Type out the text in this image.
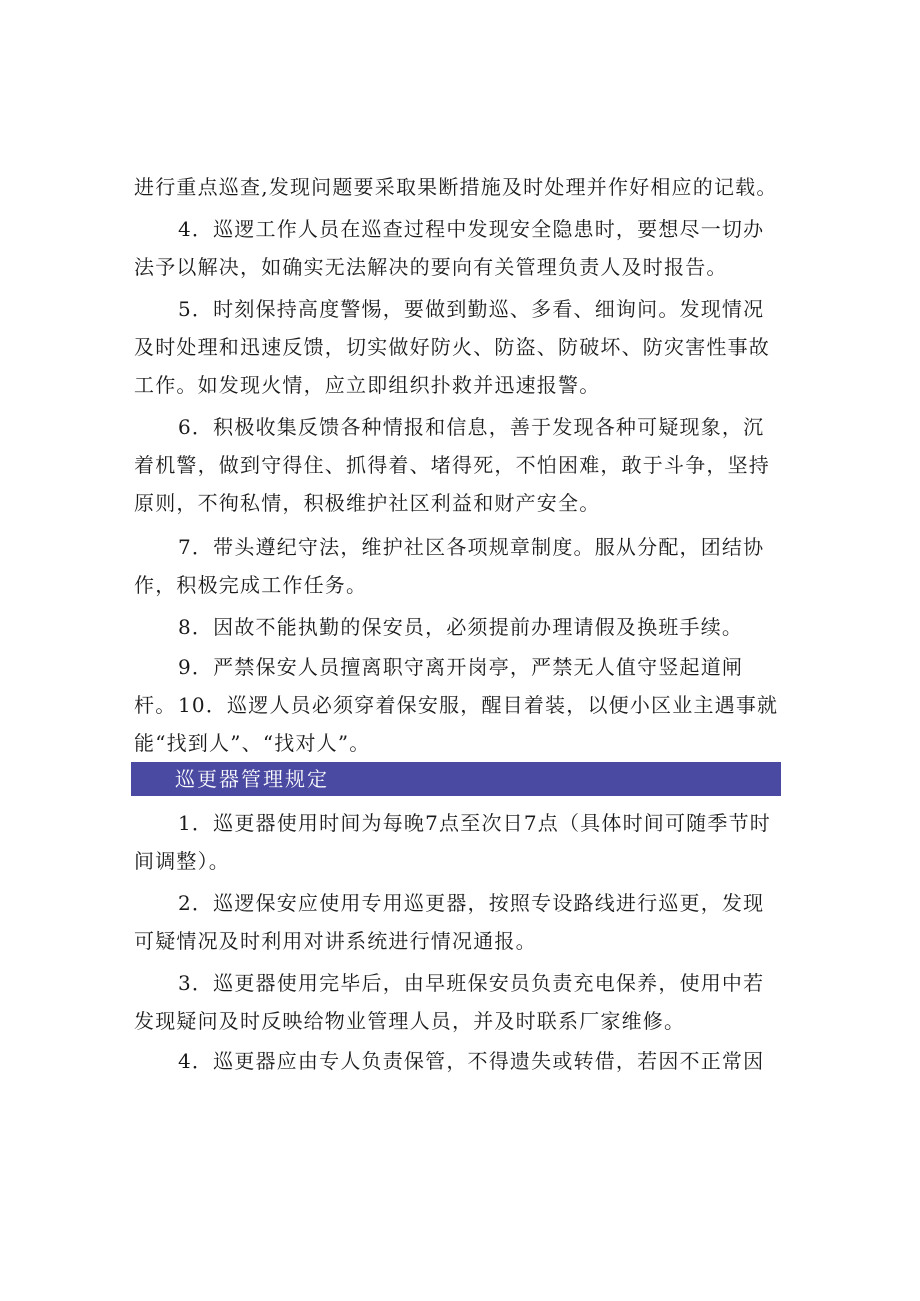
进行重点巡查,发现问题要采取果断措施及时处理并作好相应的记载。

4．巡逻工作人员在巡查过程中发现安全隐患时，要想尽一切办法予以解决，如确实无法解决的要向有关管理负责人及时报告。

5．时刻保持高度警惕，要做到勤巡、多看、细询问。发现情况及时处理和迅速反馈，切实做好防火、防盗、防破坏、防灾害性事故工作。如发现火情，应立即组织扑救并迅速报警。

6．积极收集反馈各种情报和信息，善于发现各种可疑现象，沉着机警，做到守得住、抓得着、堵得死，不怕困难，敢于斗争，坚持原则，不徇私情，积极维护社区利益和财产安全。

7．带头遵纪守法，维护社区各项规章制度。服从分配，团结协作，积极完成工作任务。

8．因故不能执勤的保安员，必须提前办理请假及换班手续。

9．严禁保安人员擅离职守离开岗亭，严禁无人值守竖起道闸杆。 10．巡逻人员必须穿着保安服，醒目着装，以便小区业主遇事就能“找到人”、“找对人”。

巡更器管理规定

1．巡更器使用时间为每晚7点至次日7点（具体时间可随季节时间调整）。

2．巡逻保安应使用专用巡更器，按照专设路线进行巡更，发现可疑情况及时利用对讲系统进行情况通报。

3．巡更器使用完毕后，由早班保安员负责充电保养，使用中若发现疑问及时反映给物业管理人员，并及时联系厂家维修。

4．巡更器应由专人负责保管，不得遗失或转借，若因不正常因
